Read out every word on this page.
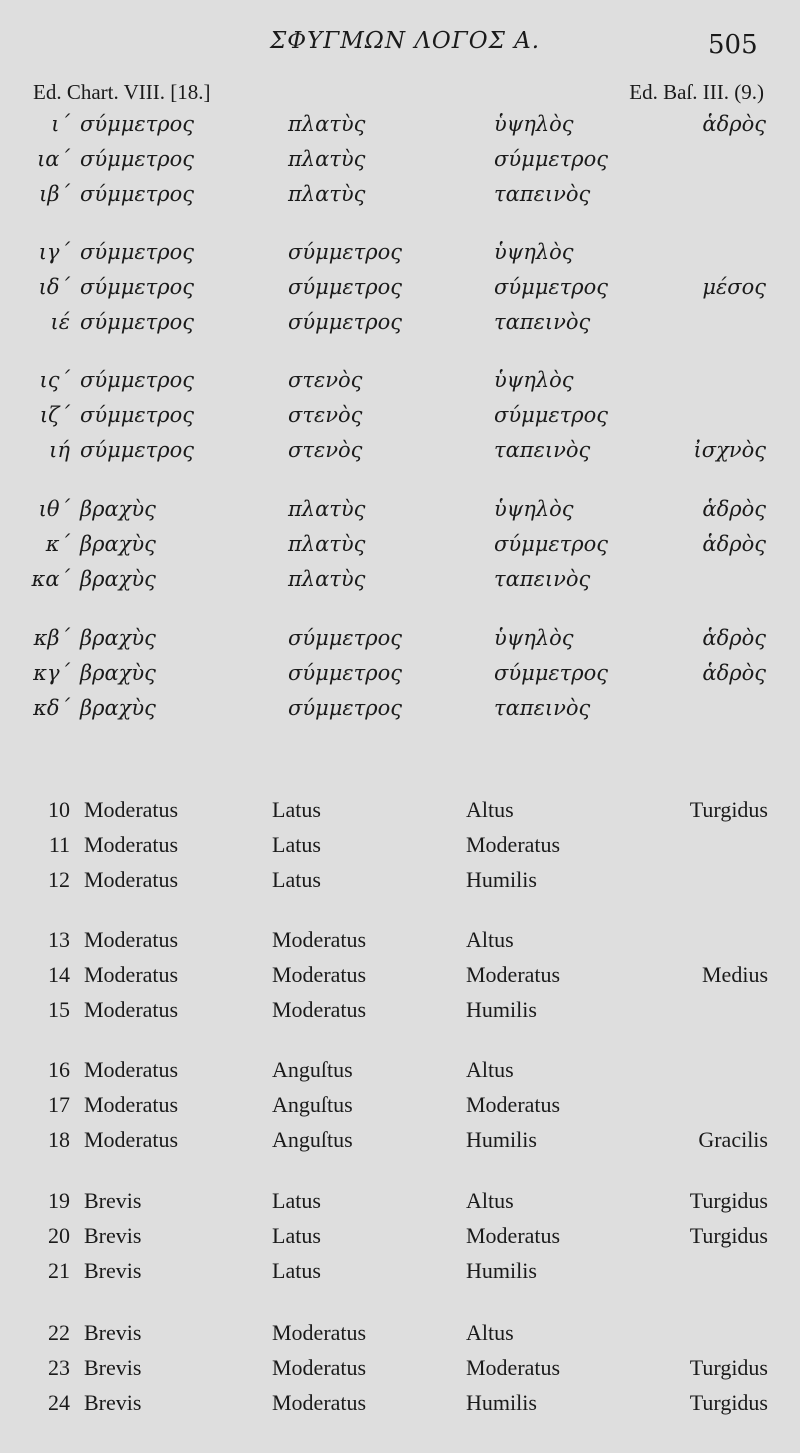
ΣΦΥΓΜΩΝ ΛΟΓΟΣ Α.	505
Ed. Chart. VIII. [18.]	Ed. Baſ. III. (9.)
ι΄ σύμμετρος	πλατὺς	ὑψηλὸς	ἁδρὸς
ια΄ σύμμετρος	πλατὺς	σύμμετρος
ιβ΄ σύμμετρος	πλατὺς	ταπεινὸς
ιγ΄ σύμμετρος	σύμμετρος	ὑψηλὸς
ιδ΄ σύμμετρος	σύμμετρος	σύμμετρος	μέσος
ιέ σύμμετρος	σύμμετρος	ταπεινὸς
ις΄ σύμμετρος	στενὸς	ὑψηλὸς
ιζ΄ σύμμετρος	στενὸς	σύμμετρος
ιή σύμμετρος	στενὸς	ταπεινὸς	ἰσχνὸς
ιθ΄ βραχὺς	πλατὺς	ὑψηλὸς	ἁδρὸς
κ΄ βραχὺς	πλατὺς	σύμμετρος	ἁδρὸς
κα΄ βραχὺς	πλατὺς	ταπεινὸς
κβ΄ βραχὺς	σύμμετρος	ὑψηλὸς	ἁδρὸς
κγ΄ βραχὺς	σύμμετρος	σύμμετρος	ἁδρὸς
κδ΄ βραχὺς	σύμμετρος	ταπεινὸς
10 Moderatus	Latus	Altus	Turgidus
11 Moderatus	Latus	Moderatus
12 Moderatus	Latus	Humilis
13 Moderatus	Moderatus	Altus
14 Moderatus	Moderatus	Moderatus	Medius
15 Moderatus	Moderatus	Humilis
16 Moderatus	Anguſtus	Altus
17 Moderatus	Anguſtus	Moderatus
18 Moderatus	Anguſtus	Humilis	Gracilis
19 Brevis	Latus	Altus	Turgidus
20 Brevis	Latus	Moderatus	Turgidus
21 Brevis	Latus	Humilis
22 Brevis	Moderatus	Altus
23 Brevis	Moderatus	Moderatus	Turgidus
24 Brevis	Moderatus	Humilis	Turgidus
